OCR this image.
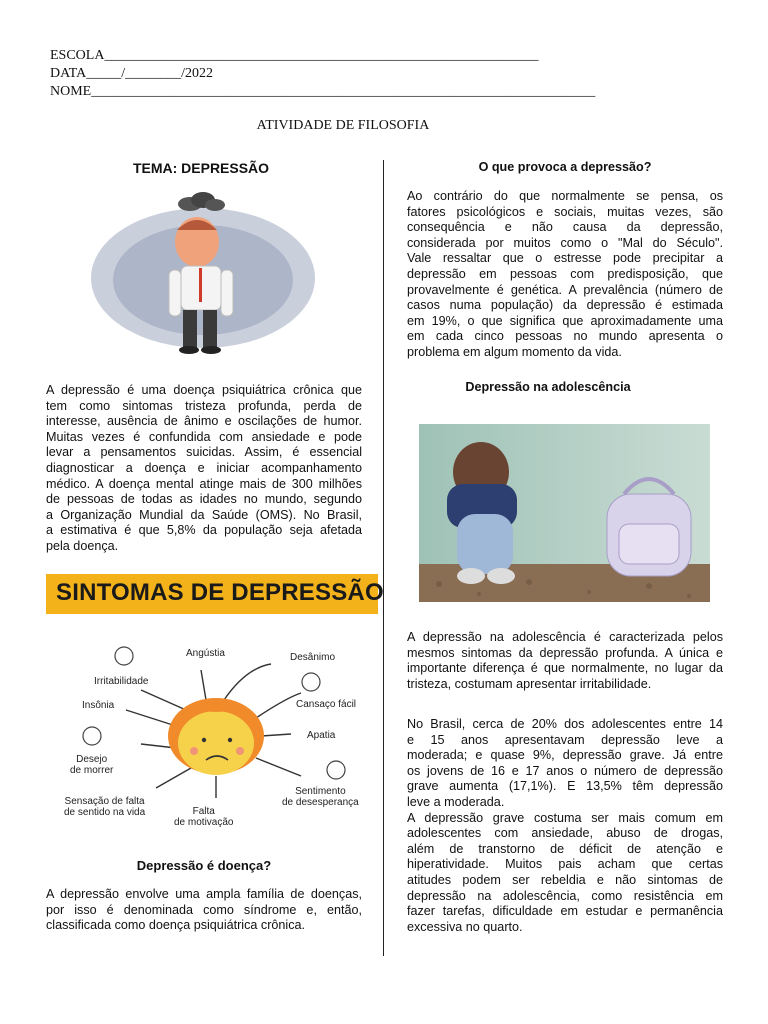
ESCOLA______________________________________________________________
DATA_____/________/2022
NOME________________________________________________________________________
ATIVIDADE DE FILOSOFIA
TEMA: DEPRESSÃO
A depressão é uma doença psiquiátrica crônica que
tem como sintomas tristeza profunda, perda de
interesse, ausência de ânimo e oscilações de humor.
Muitas vezes é confundida com ansiedade e pode
levar a pensamentos suicidas. Assim, é essencial
diagnosticar a doença e iniciar acompanhamento
médico. A doença mental atinge mais de 300 milhões
de pessoas de todas as idades no mundo, segundo
a Organização Mundial da Saúde (OMS). No Brasil,
a estimativa é que 5,8% da população seja afetada
pela doença.
SINTOMAS DE DEPRESSÃO
Angústia	Desânimo
Irritabilidade
Cansaço fácil
Insônia
Apatia
Desejo
de morrer
Sentimento
de desesperança
Sensação de falta
de sentido na vida	Falta
de motivação
Depressão é doença?
A depressão envolve uma ampla família de doenças,
por isso é denominada como síndrome e, então,
classificada como doença psiquiátrica crônica.
O que provoca a depressão?
Ao contrário do que normalmente se pensa, os
fatores psicológicos e sociais, muitas vezes, são
consequência e não causa da depressão,
considerada por muitos como o "Mal do Século".
Vale ressaltar que o estresse pode precipitar a
depressão em pessoas com predisposição, que
provavelmente é genética. A prevalência (número de
casos numa população) da depressão é estimada
em 19%, o que significa que aproximadamente uma
em cada cinco pessoas no mundo apresenta o
problema em algum momento da vida.
Depressão na adolescência
A depressão na adolescência é caracterizada pelos
mesmos sintomas da depressão profunda. A única e
importante diferença é que normalmente, no lugar da
tristeza, costumam apresentar irritabilidade.
No Brasil, cerca de 20% dos adolescentes entre 14
e 15 anos apresentavam depressão leve a
moderada; e quase 9%, depressão grave. Já entre
os jovens de 16 e 17 anos o número de depressão
grave aumenta (17,1%). E 13,5% têm depressão
leve a moderada.
A depressão grave costuma ser mais comum em
adolescentes com ansiedade, abuso de drogas,
além de transtorno de déficit de atenção e
hiperatividade. Muitos pais acham que certas
atitudes podem ser rebeldia e não sintomas de
depressão na adolescência, como resistência em
fazer tarefas, dificuldade em estudar e permanência
excessiva no quarto.
